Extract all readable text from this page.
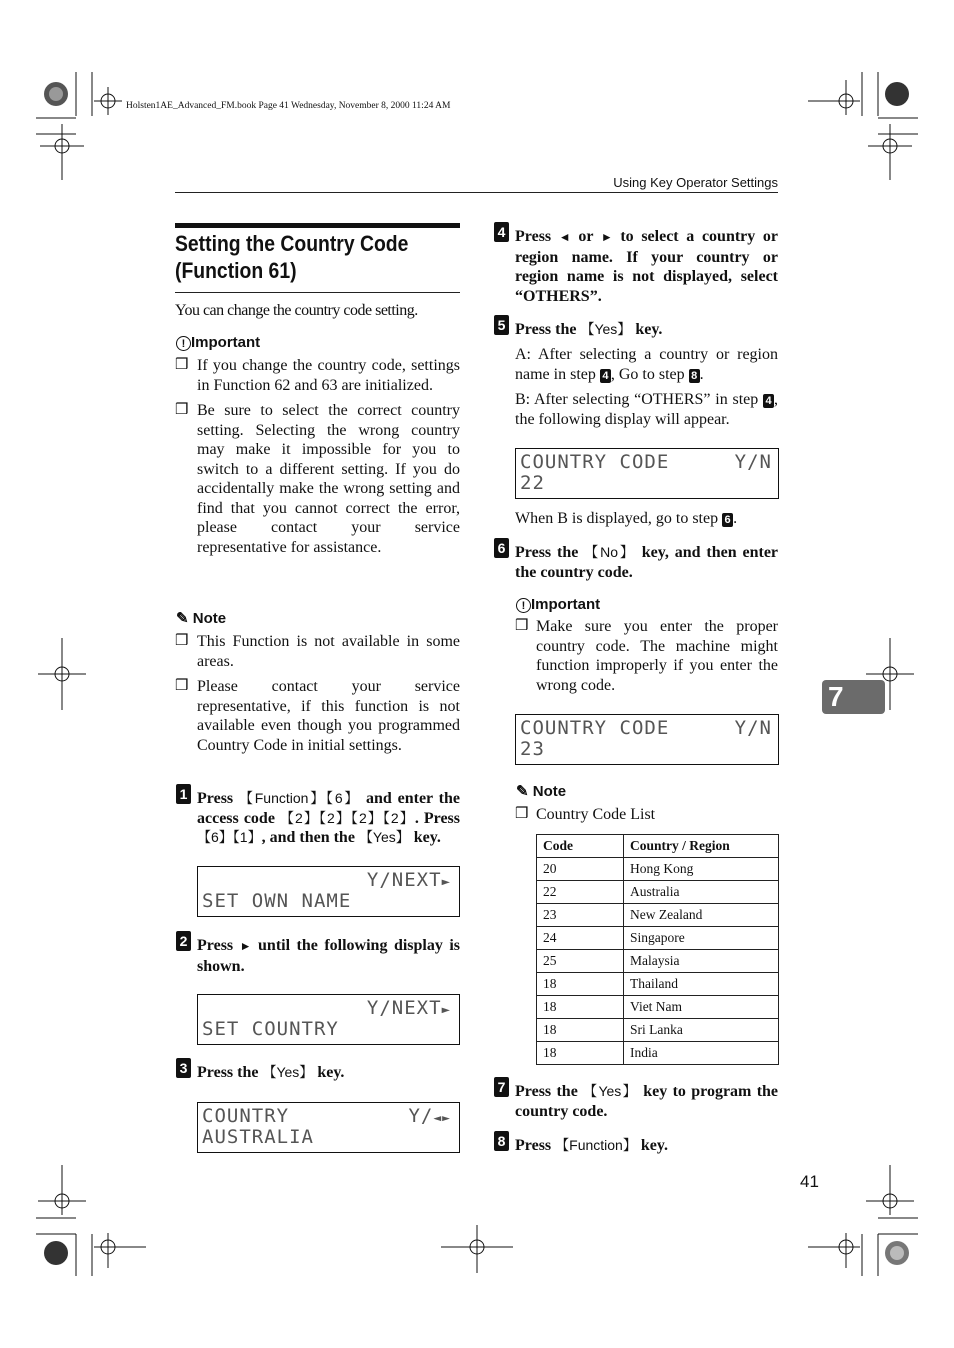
Holsten1AE_Advanced_FM.book Page 41 Wednesday, November 8, 2000 11:24 AM
Using Key Operator Settings
Setting the Country Code
(Function 61)
You can change the country code setting.
! Important
❒ If you change the country code, settings in Function 62 and 63 are initialized.
❒ Be sure to select the correct country setting. Selecting the wrong country may make it impossible for you to switch to a different setting. If you do accidentally make the wrong setting and find that you cannot correct the error, please contact your service representative for assistance.
✎ Note
❒ This Function is not available in some areas.
❒ Please contact your service representative, if this function is not available even though you programmed Country Code in initial settings.
1 Press 【Function】【6】 and enter the access code 【2】【2】【2】【2】. Press 【6】【1】, and then the 【Yes】 key.
Y/NEXT►
SET OWN NAME
2 Press ► until the following display is shown.
Y/NEXT►
SET COUNTRY
3 Press the 【Yes】 key.
COUNTRY	Y/◄►
AUSTRALIA
4 Press ◄ or ► to select a country or region name. If your country or region name is not displayed, select “OTHERS”.
5 Press the 【Yes】 key.
A: After selecting a country or region name in step 4 , Go to step 8 .
B: After selecting “OTHERS” in step 4 , the following display will appear.
COUNTRY CODE	Y/N
22
When B is displayed, go to step 6 .
6 Press the 【No】 key, and then enter the country code.
! Important
❒ Make sure you enter the proper country code. The machine might function improperly if you enter the wrong code.
COUNTRY CODE	Y/N
23
✎ Note
❒ Country Code List
Code	Country / Region
20	Hong Kong
22	Australia
23	New Zealand
24	Singapore
25	Malaysia
18	Thailand
18	Viet Nam
18	Sri Lanka
18	India
7 Press the 【Yes】 key to program the country code.
8 Press 【Function】 key.
7
41
